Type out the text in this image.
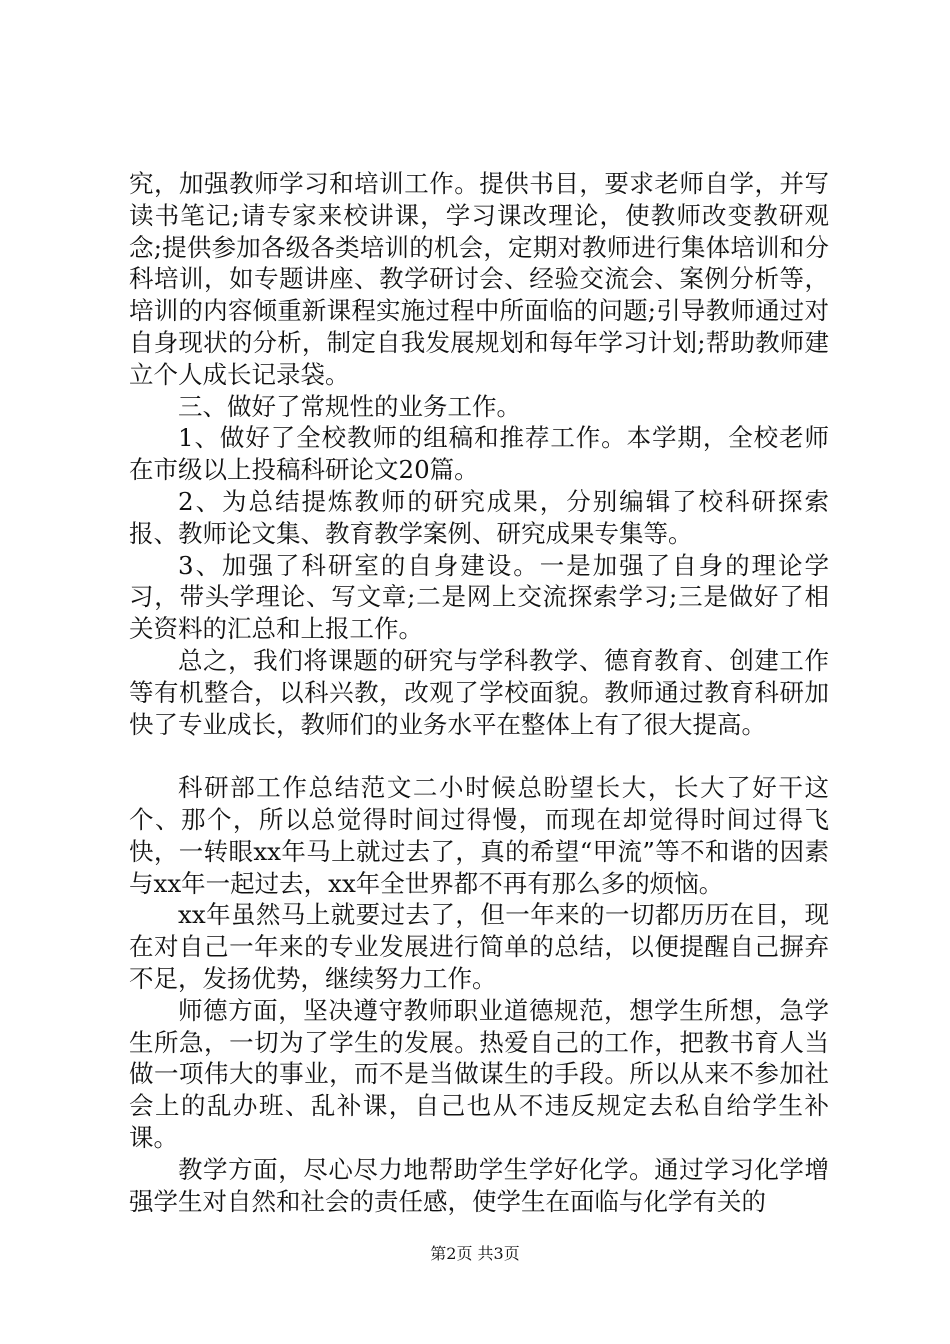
究，加强教师学习和培训工作。提供书目，要求老师自学，并写读书笔记;请专家来校讲课，学习课改理论，使教师改变教研观念;提供参加各级各类培训的机会，定期对教师进行集体培训和分科培训，如专题讲座、教学研讨会、经验交流会、案例分析等，培训的内容倾重新课程实施过程中所面临的问题;引导教师通过对自身现状的分析，制定自我发展规划和每年学习计划;帮助教师建立个人成长记录袋。

三、做好了常规性的业务工作。

1、做好了全校教师的组稿和推荐工作。本学期，全校老师在市级以上投稿科研论文20篇。

2、为总结提炼教师的研究成果，分别编辑了校科研探索报、教师论文集、教育教学案例、研究成果专集等。

3、加强了科研室的自身建设。一是加强了自身的理论学习，带头学理论、写文章;二是网上交流探索学习;三是做好了相关资料的汇总和上报工作。

总之，我们将课题的研究与学科教学、德育教育、创建工作等有机整合，以科兴教，改观了学校面貌。教师通过教育科研加快了专业成长，教师们的业务水平在整体上有了很大提高。

科研部工作总结范文二小时候总盼望长大，长大了好干这个、那个，所以总觉得时间过得慢，而现在却觉得时间过得飞快，一转眼xx年马上就过去了，真的希望“甲流”等不和谐的因素与xx年一起过去，xx年全世界都不再有那么多的烦恼。

xx年虽然马上就要过去了，但一年来的一切都历历在目，现在对自己一年来的专业发展进行简单的总结，以便提醒自己摒弃不足，发扬优势，继续努力工作。

师德方面，坚决遵守教师职业道德规范，想学生所想，急学生所急，一切为了学生的发展。热爱自己的工作，把教书育人当做一项伟大的事业，而不是当做谋生的手段。所以从来不参加社会上的乱办班、乱补课，自己也从不违反规定去私自给学生补课。

教学方面，尽心尽力地帮助学生学好化学。通过学习化学增强学生对自然和社会的责任感，使学生在面临与化学有关的

第2页 共3页
